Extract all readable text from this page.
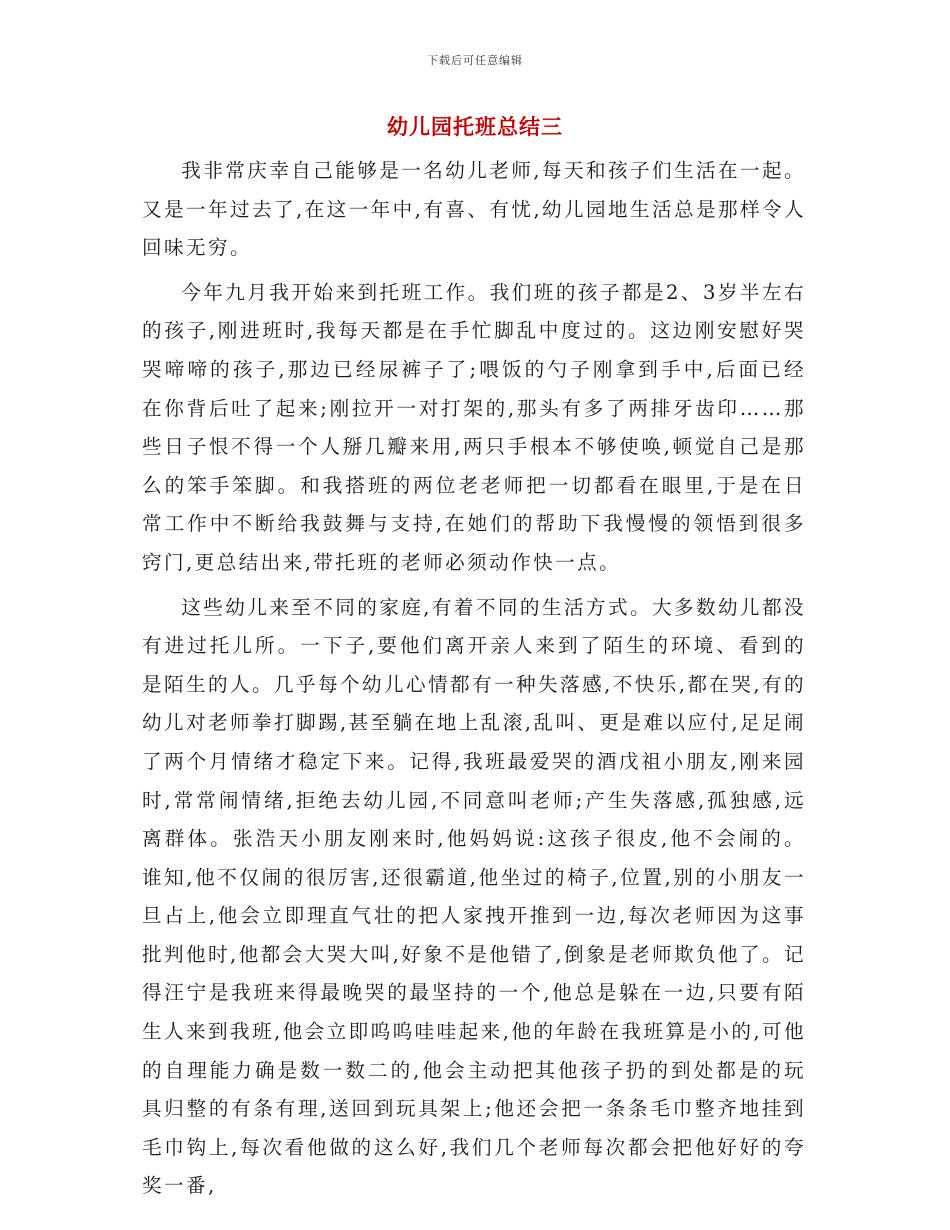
下载后可任意编辑
幼儿园托班总结三

我非常庆幸自己能够是一名幼儿老师,每天和孩子们生活在一起。又是一年过去了,在这一年中,有喜、有忧,幼儿园地生活总是那样令人回味无穷。

今年九月我开始来到托班工作。我们班的孩子都是2、3岁半左右的孩子,刚进班时,我每天都是在手忙脚乱中度过的。这边刚安慰好哭哭啼啼的孩子,那边已经尿裤子了;喂饭的勺子刚拿到手中,后面已经在你背后吐了起来;刚拉开一对打架的,那头有多了两排牙齿印……那些日子恨不得一个人掰几瓣来用,两只手根本不够使唤,顿觉自己是那么的笨手笨脚。和我搭班的两位老老师把一切都看在眼里,于是在日常工作中不断给我鼓舞与支持,在她们的帮助下我慢慢的领悟到很多窍门,更总结出来,带托班的老师必须动作快一点。

这些幼儿来至不同的家庭,有着不同的生活方式。大多数幼儿都没有进过托儿所。一下子,要他们离开亲人来到了陌生的环境、看到的是陌生的人。几乎每个幼儿心情都有一种失落感,不快乐,都在哭,有的幼儿对老师拳打脚踢,甚至躺在地上乱滚,乱叫、更是难以应付,足足闹了两个月情绪才稳定下来。记得,我班最爱哭的酒戊祖小朋友,刚来园时,常常闹情绪,拒绝去幼儿园,不同意叫老师;产生失落感,孤独感,远离群体。张浩天小朋友刚来时,他妈妈说:这孩子很皮,他不会闹的。谁知,他不仅闹的很厉害,还很霸道,他坐过的椅子,位置,别的小朋友一旦占上,他会立即理直气壮的把人家拽开推到一边,每次老师因为这事批判他时,他都会大哭大叫,好象不是他错了,倒象是老师欺负他了。记得汪宁是我班来得最晚哭的最坚持的一个,他总是躲在一边,只要有陌生人来到我班,他会立即呜呜哇哇起来,他的年龄在我班算是小的,可他的自理能力确是数一数二的,他会主动把其他孩子扔的到处都是的玩具归整的有条有理,送回到玩具架上;他还会把一条条毛巾整齐地挂到毛巾钩上,每次看他做的这么好,我们几个老师每次都会把他好好的夸奖一番,
